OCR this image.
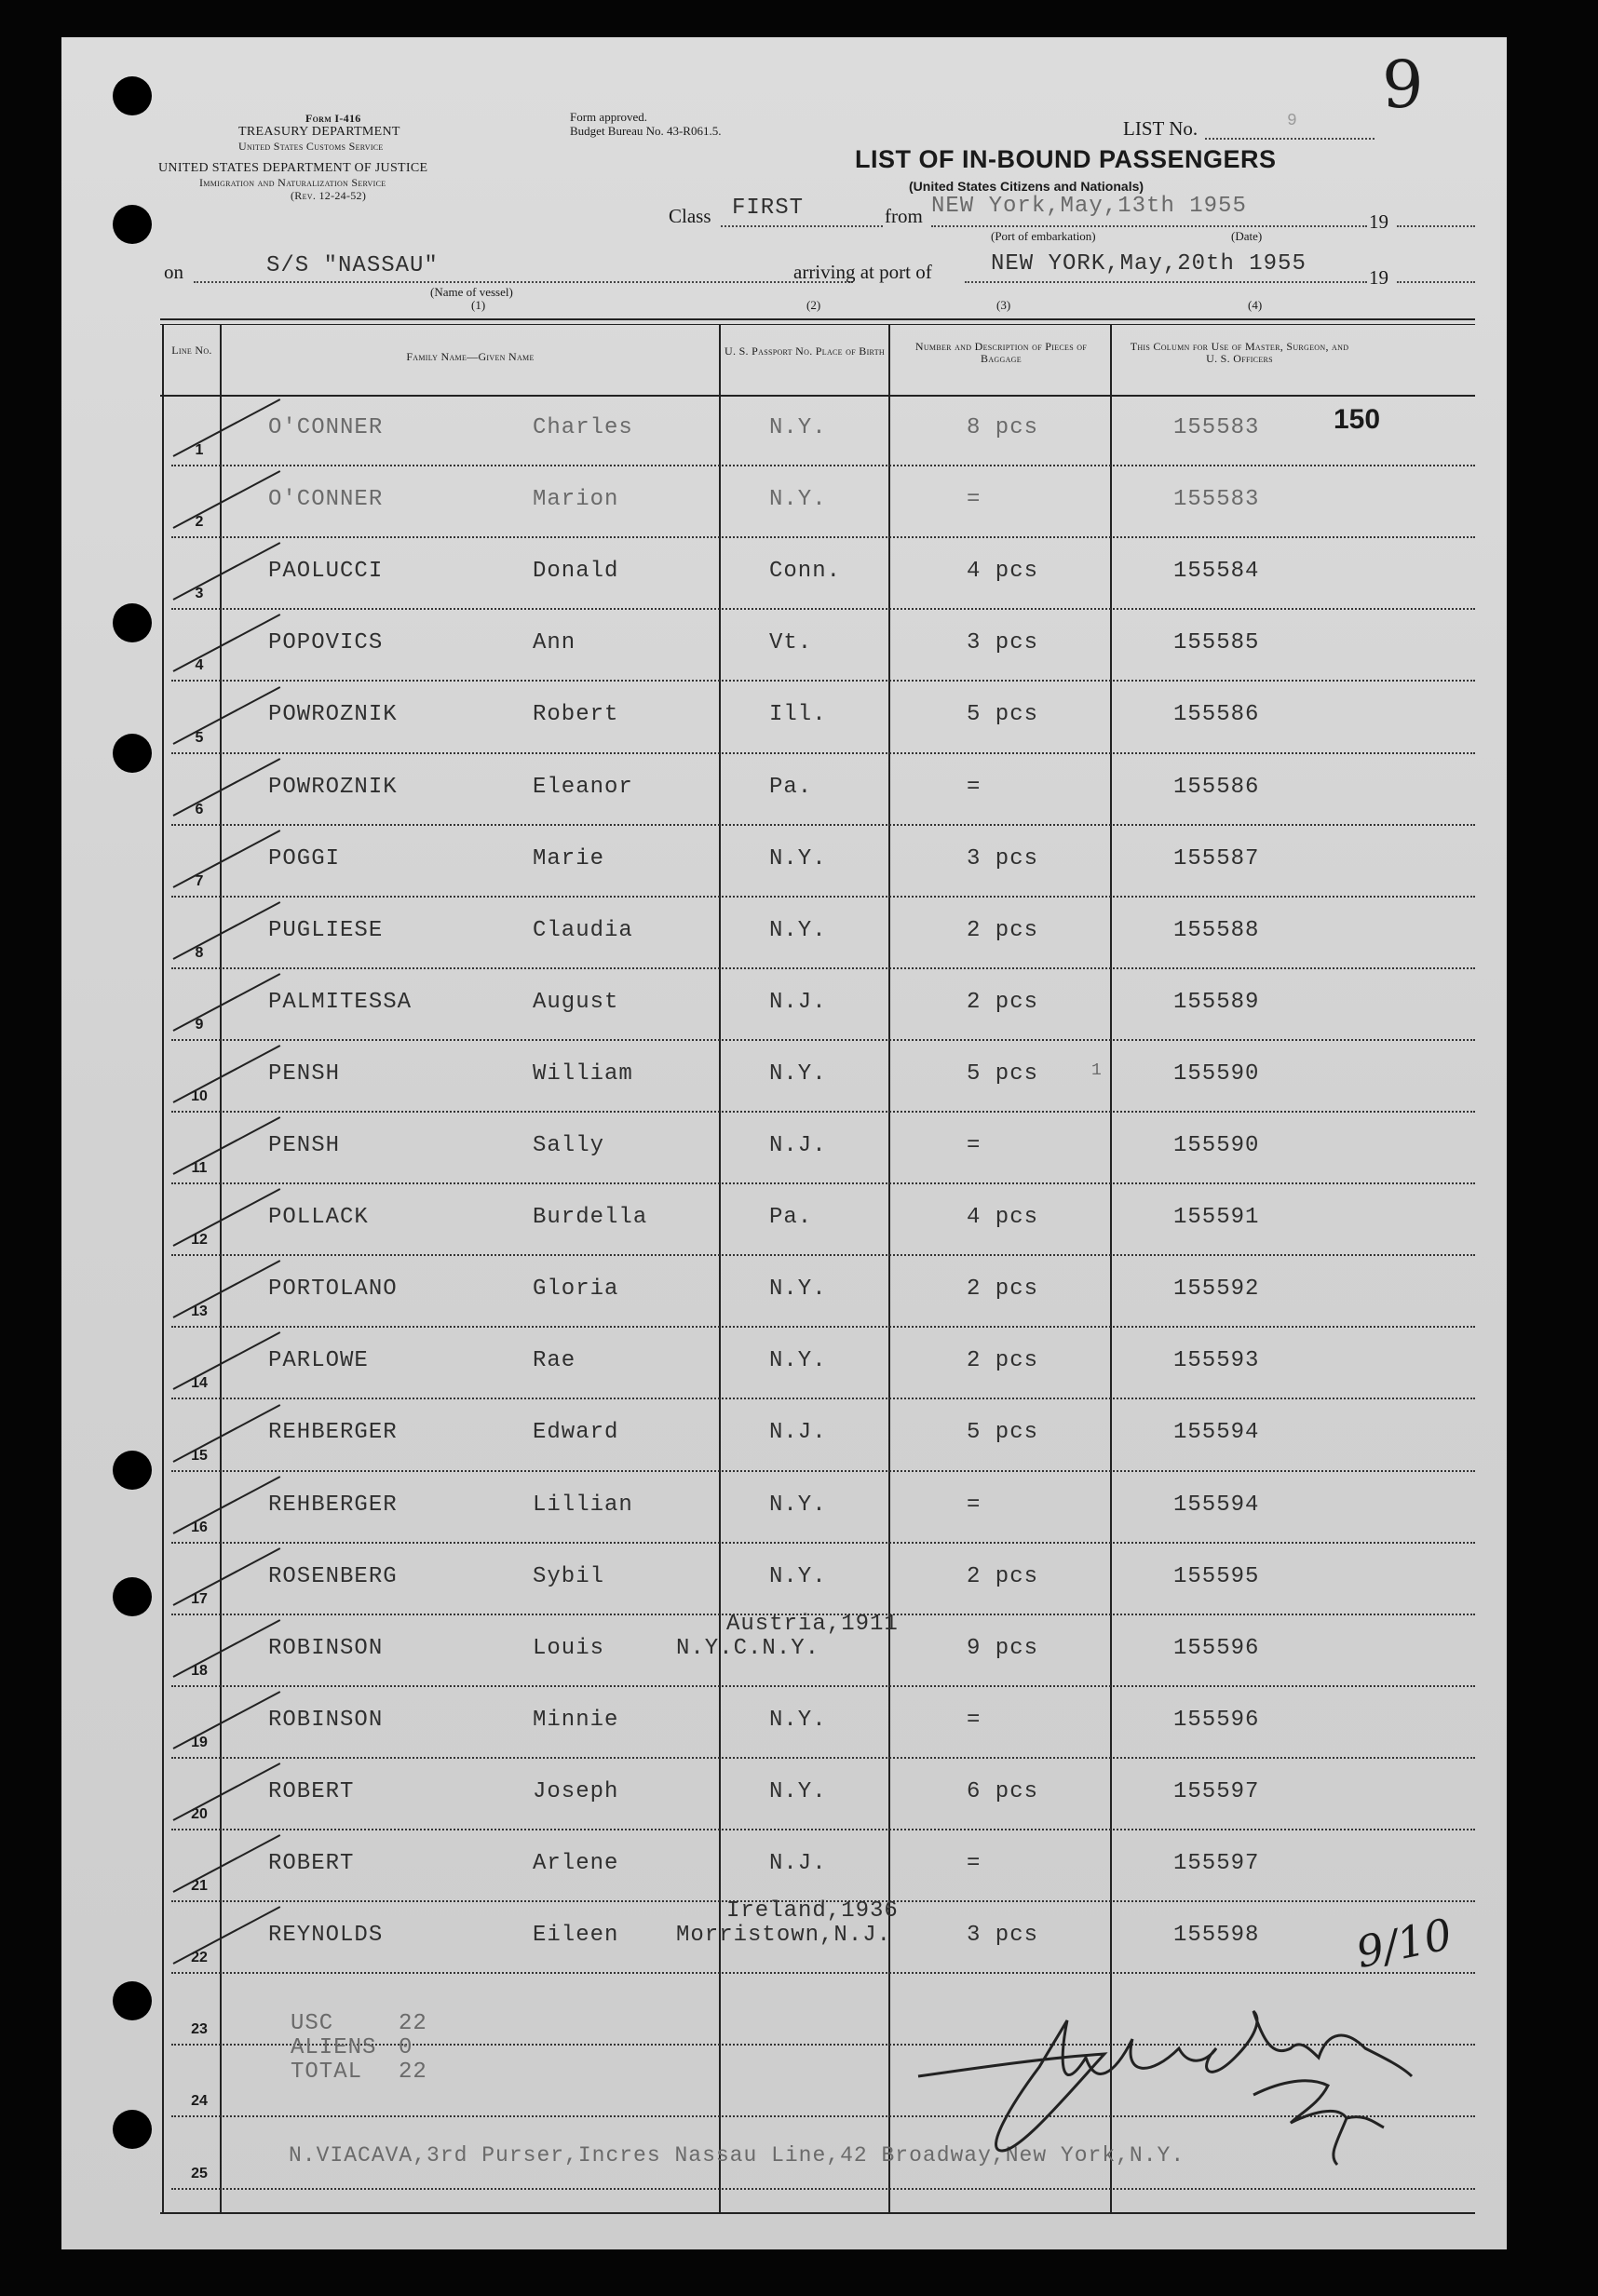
9
Form I-416
TREASURY DEPARTMENT
United States Customs Service
UNITED STATES DEPARTMENT OF JUSTICE
Immigration and Naturalization Service
(Rev. 12-24-52)
Form approved.
Budget Bureau No. 43-R061.5.	LIST No.	9
LIST OF IN-BOUND PASSENGERS
(United States Citizens and Nationals)
Class FIRST	from NEW York,May,13th 1955
19
(Port of embarkation)	(Date)
on	S/S "NASSAU"
(Name of vessel)
(1)
arriving at port of	NEW YORK,May,20th 1955
19
(2)	(3)	(4)
Line No.	Family Name—Given Name	U. S. Passport No. Place of Birth	Number and Description of Pieces of Baggage
This Column for Use of Master, Surgeon, and U. S. Officers
150
1
O'CONNER	Charles	N.Y.	8 pcs	155583
2
O'CONNER	Marion	N.Y.	=	155583
3
PAOLUCCI	Donald	Conn.	4 pcs	155584
4
POPOVICS	Ann	Vt.	3 pcs	155585
5
POWROZNIK	Robert	Ill.	5 pcs	155586
6
POWROZNIK	Eleanor	Pa.	=	155586
7
POGGI	Marie	N.Y.	3 pcs	155587
8
PUGLIESE	Claudia	N.Y.	2 pcs	155588
9
PALMITESSA	August	N.J.	2 pcs	155589
10
PENSH	William	N.Y.	5 pcs	155590
1
11
PENSH	Sally	N.J.	=	155590
12
POLLACK	Burdella	Pa.	4 pcs	155591
13
PORTOLANO	Gloria	N.Y.	2 pcs	155592
14
PARLOWE	Rae	N.Y.	2 pcs	155593
15
REHBERGER	Edward	N.J.	5 pcs	155594
16
REHBERGER	Lillian	N.Y.	=	155594
17
ROSENBERG	Sybil	N.Y.	2 pcs	155595
18
ROBINSON	Louis	N.Y.C.N.Y.	9 pcs	155596
Austria,1911
19
ROBINSON	Minnie	N.Y.	=	155596
20
ROBERT	Joseph	N.Y.	6 pcs	155597
21
ROBERT	Arlene	N.J.	=	155597
22
REYNOLDS	Eileen	Morristown,N.J.	3 pcs	155598
Ireland,1936
23
24
25
USC	22
ALIENS 0
TOTAL 22
N.VIACAVA,3rd Purser,Incres Nassau Line,42 Broadway,New York,N.Y.
9/10
